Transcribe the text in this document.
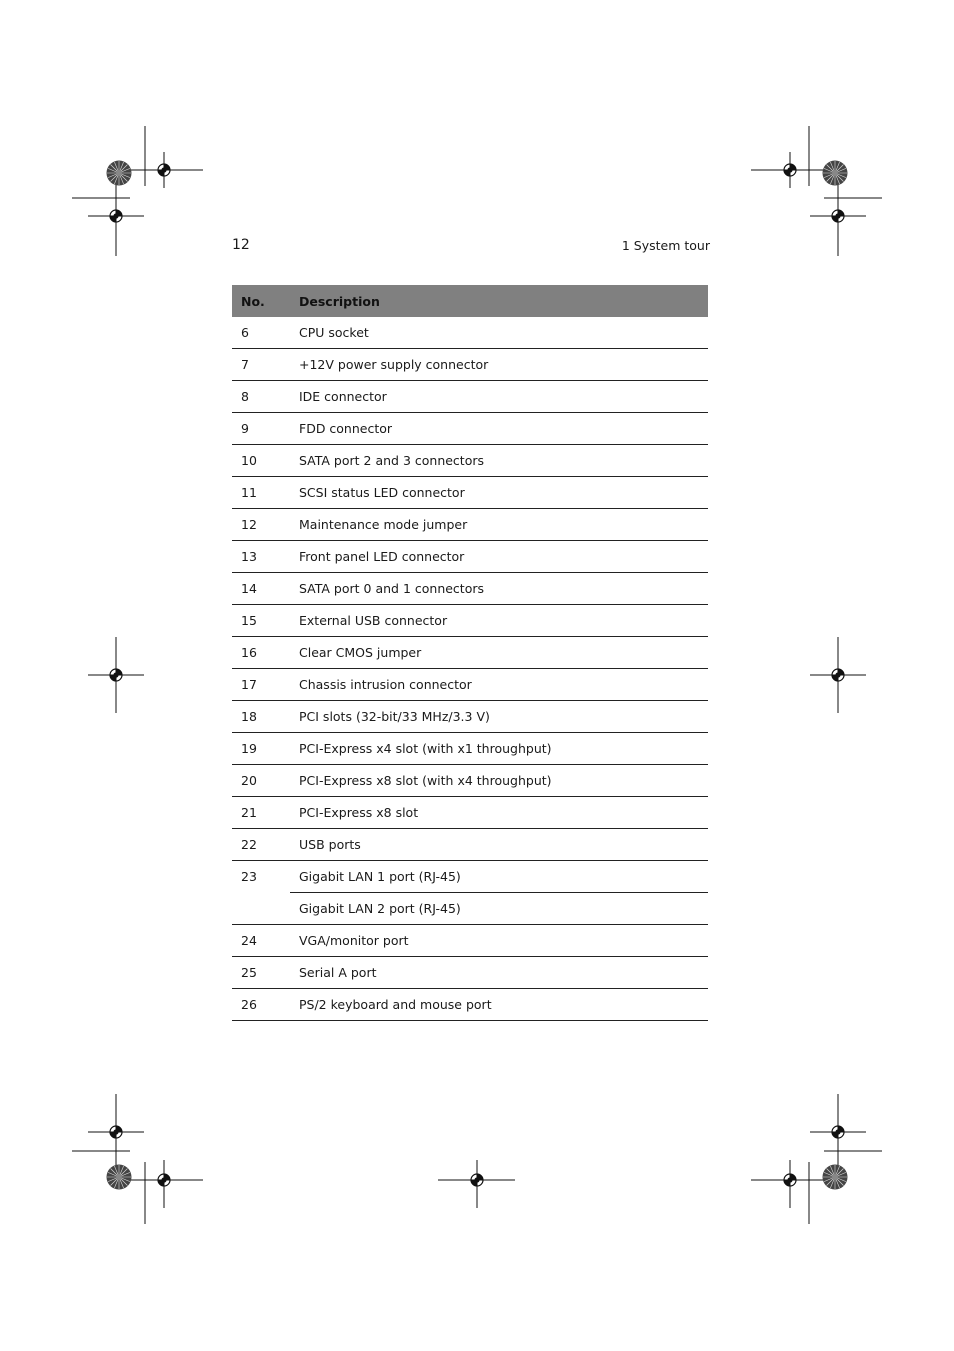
12	1 System tour
No.	Description
6	CPU socket
7	+12V power supply connector
8	IDE connector
9	FDD connector
10	SATA port 2 and 3 connectors
11	SCSI status LED connector
12	Maintenance mode jumper
13	Front panel LED connector
14	SATA port 0 and 1 connectors
15	External USB connector
16	Clear CMOS jumper
17	Chassis intrusion connector
18	PCI slots (32-bit/33 MHz/3.3 V)
19	PCI-Express x4 slot (with x1 throughput)
20	PCI-Express x8 slot (with x4 throughput)
21	PCI-Express x8 slot
22	USB ports
23	Gigabit LAN 1 port (RJ-45)
	Gigabit LAN 2 port (RJ-45)
24	VGA/monitor port
25	Serial A port
26	PS/2 keyboard and mouse port
